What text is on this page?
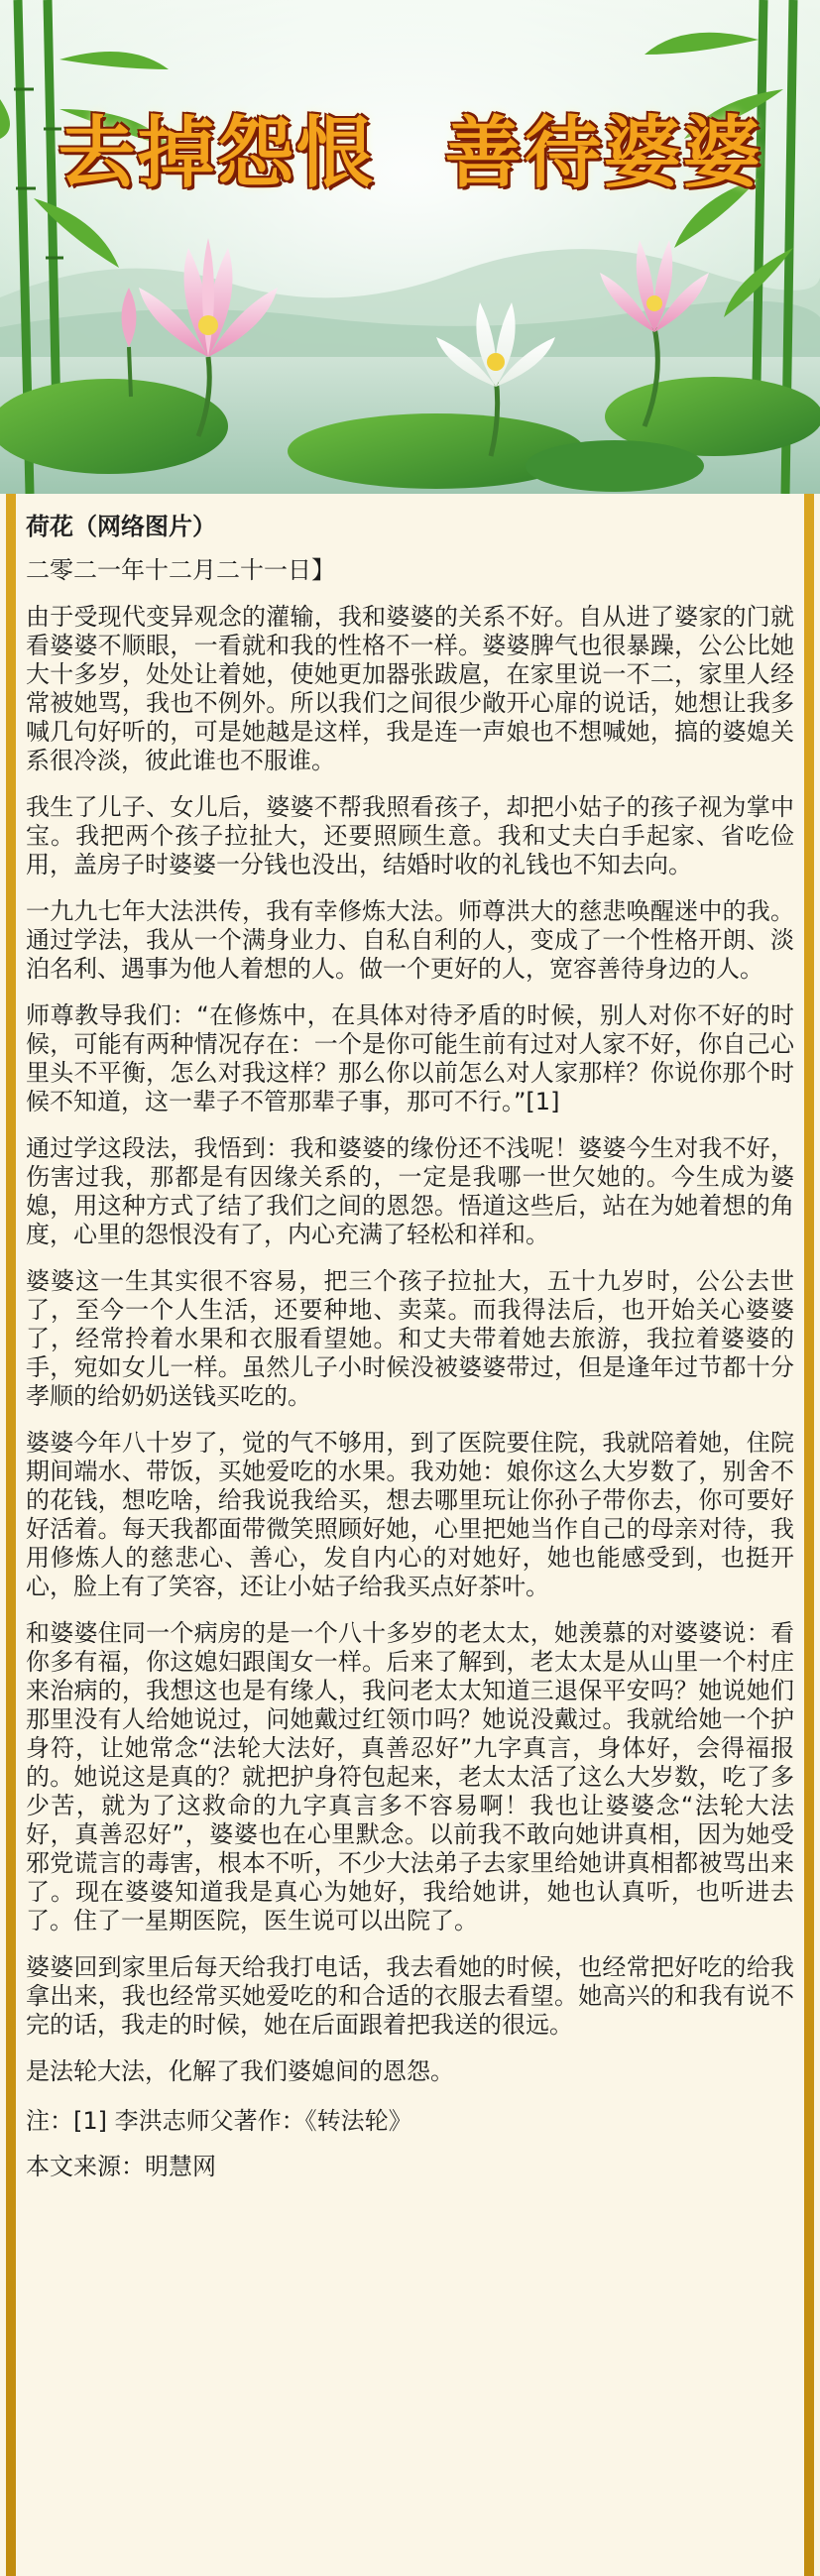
去掉怨恨 善待婆婆

荷花（网络图片）

二零二一年十二月二十一日】

由于受现代变异观念的灌输，我和婆婆的关系不好。自从进了婆家的门就看婆婆不顺眼，一看就和我的性格不一样。婆婆脾气也很暴躁，公公比她大十多岁，处处让着她，使她更加器张跋扈，在家里说一不二，家里人经常被她骂，我也不例外。所以我们之间很少敞开心扉的说话，她想让我多喊几句好听的，可是她越是这样，我是连一声娘也不想喊她，搞的婆媳关系很冷淡，彼此谁也不服谁。

我生了儿子、女儿后，婆婆不帮我照看孩子，却把小姑子的孩子视为掌中宝。我把两个孩子拉扯大，还要照顾生意。我和丈夫白手起家、省吃俭用，盖房子时婆婆一分钱也没出，结婚时收的礼钱也不知去向。

一九九七年大法洪传，我有幸修炼大法。师尊洪大的慈悲唤醒迷中的我。通过学法，我从一个满身业力、自私自利的人，变成了一个性格开朗、淡泊名利、遇事为他人着想的人。做一个更好的人，宽容善待身边的人。

师尊教导我们：“在修炼中，在具体对待矛盾的时候，别人对你不好的时候，可能有两种情况存在：一个是你可能生前有过对人家不好，你自己心里头不平衡，怎么对我这样？那么你以前怎么对人家那样？你说你那个时候不知道，这一辈子不管那辈子事，那可不行。”[1]

通过学这段法，我悟到：我和婆婆的缘份还不浅呢！婆婆今生对我不好，伤害过我，那都是有因缘关系的，一定是我哪一世欠她的。今生成为婆媳，用这种方式了结了我们之间的恩怨。悟道这些后，站在为她着想的角度，心里的怨恨没有了，内心充满了轻松和祥和。

婆婆这一生其实很不容易，把三个孩子拉扯大，五十九岁时，公公去世了，至今一个人生活，还要种地、卖菜。而我得法后，也开始关心婆婆了，经常拎着水果和衣服看望她。和丈夫带着她去旅游，我拉着婆婆的手，宛如女儿一样。虽然儿子小时候没被婆婆带过，但是逢年过节都十分孝顺的给奶奶送钱买吃的。

婆婆今年八十岁了，觉的气不够用，到了医院要住院，我就陪着她，住院期间端水、带饭，买她爱吃的水果。我劝她：娘你这么大岁数了，别舍不的花钱，想吃啥，给我说我给买，想去哪里玩让你孙子带你去，你可要好好活着。每天我都面带微笑照顾好她，心里把她当作自己的母亲对待，我用修炼人的慈悲心、善心，发自内心的对她好，她也能感受到，也挺开心，脸上有了笑容，还让小姑子给我买点好茶叶。

和婆婆住同一个病房的是一个八十多岁的老太太，她羡慕的对婆婆说：看你多有福，你这媳妇跟闺女一样。后来了解到，老太太是从山里一个村庄来治病的，我想这也是有缘人，我问老太太知道三退保平安吗？她说她们那里没有人给她说过，问她戴过红领巾吗？她说没戴过。我就给她一个护身符，让她常念“法轮大法好，真善忍好”九字真言，身体好，会得福报的。她说这是真的？就把护身符包起来，老太太活了这么大岁数，吃了多少苦，就为了这救命的九字真言多不容易啊！我也让婆婆念“法轮大法好，真善忍好”，婆婆也在心里默念。以前我不敢向她讲真相，因为她受邪党谎言的毒害，根本不听，不少大法弟子去家里给她讲真相都被骂出来了。现在婆婆知道我是真心为她好，我给她讲，她也认真听，也听进去了。住了一星期医院，医生说可以出院了。

婆婆回到家里后每天给我打电话，我去看她的时候，也经常把好吃的给我拿出来，我也经常买她爱吃的和合适的衣服去看望。她高兴的和我有说不完的话，我走的时候，她在后面跟着把我送的很远。

是法轮大法，化解了我们婆媳间的恩怨。

注：[1] 李洪志师父著作：《转法轮》

本文来源：明慧网
